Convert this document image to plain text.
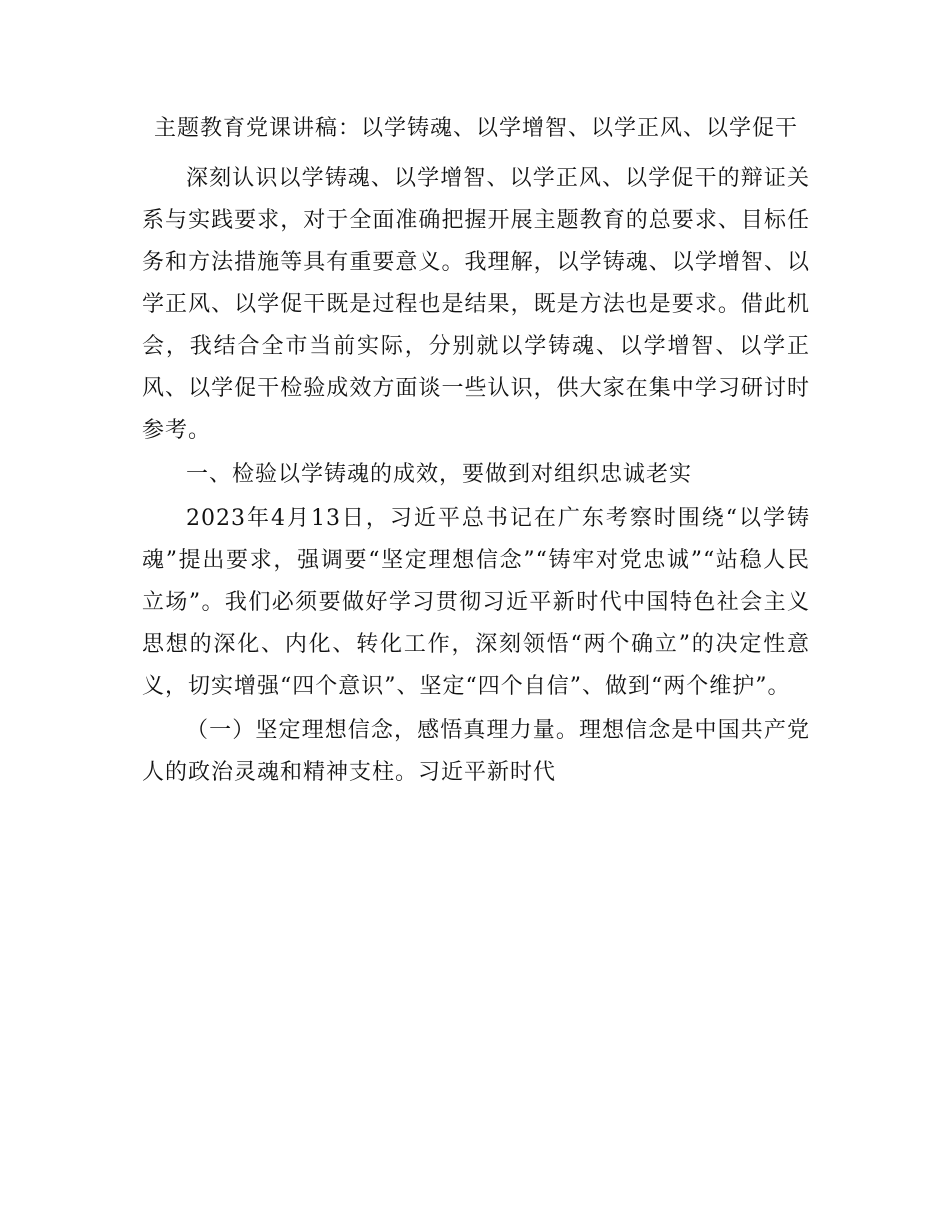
主题教育党课讲稿：以学铸魂、以学增智、以学正风、以学促干

深刻认识以学铸魂、以学增智、以学正风、以学促干的辩证关系与实践要求，对于全面准确把握开展主题教育的总要求、目标任务和方法措施等具有重要意义。我理解，以学铸魂、以学增智、以学正风、以学促干既是过程也是结果，既是方法也是要求。借此机会，我结合全市当前实际，分别就以学铸魂、以学增智、以学正风、以学促干检验成效方面谈一些认识，供大家在集中学习研讨时参考。

一、检验以学铸魂的成效，要做到对组织忠诚老实

2023年4月13日，习近平总书记在广东考察时围绕“以学铸魂”提出要求，强调要“坚定理想信念”“铸牢对党忠诚”“站稳人民立场”。我们必须要做好学习贯彻习近平新时代中国特色社会主义思想的深化、内化、转化工作，深刻领悟“两个确立”的决定性意义，切实增强“四个意识”、坚定“四个自信”、做到“两个维护”。

（一）坚定理想信念，感悟真理力量。理想信念是中国共产党人的政治灵魂和精神支柱。习近平新时代
